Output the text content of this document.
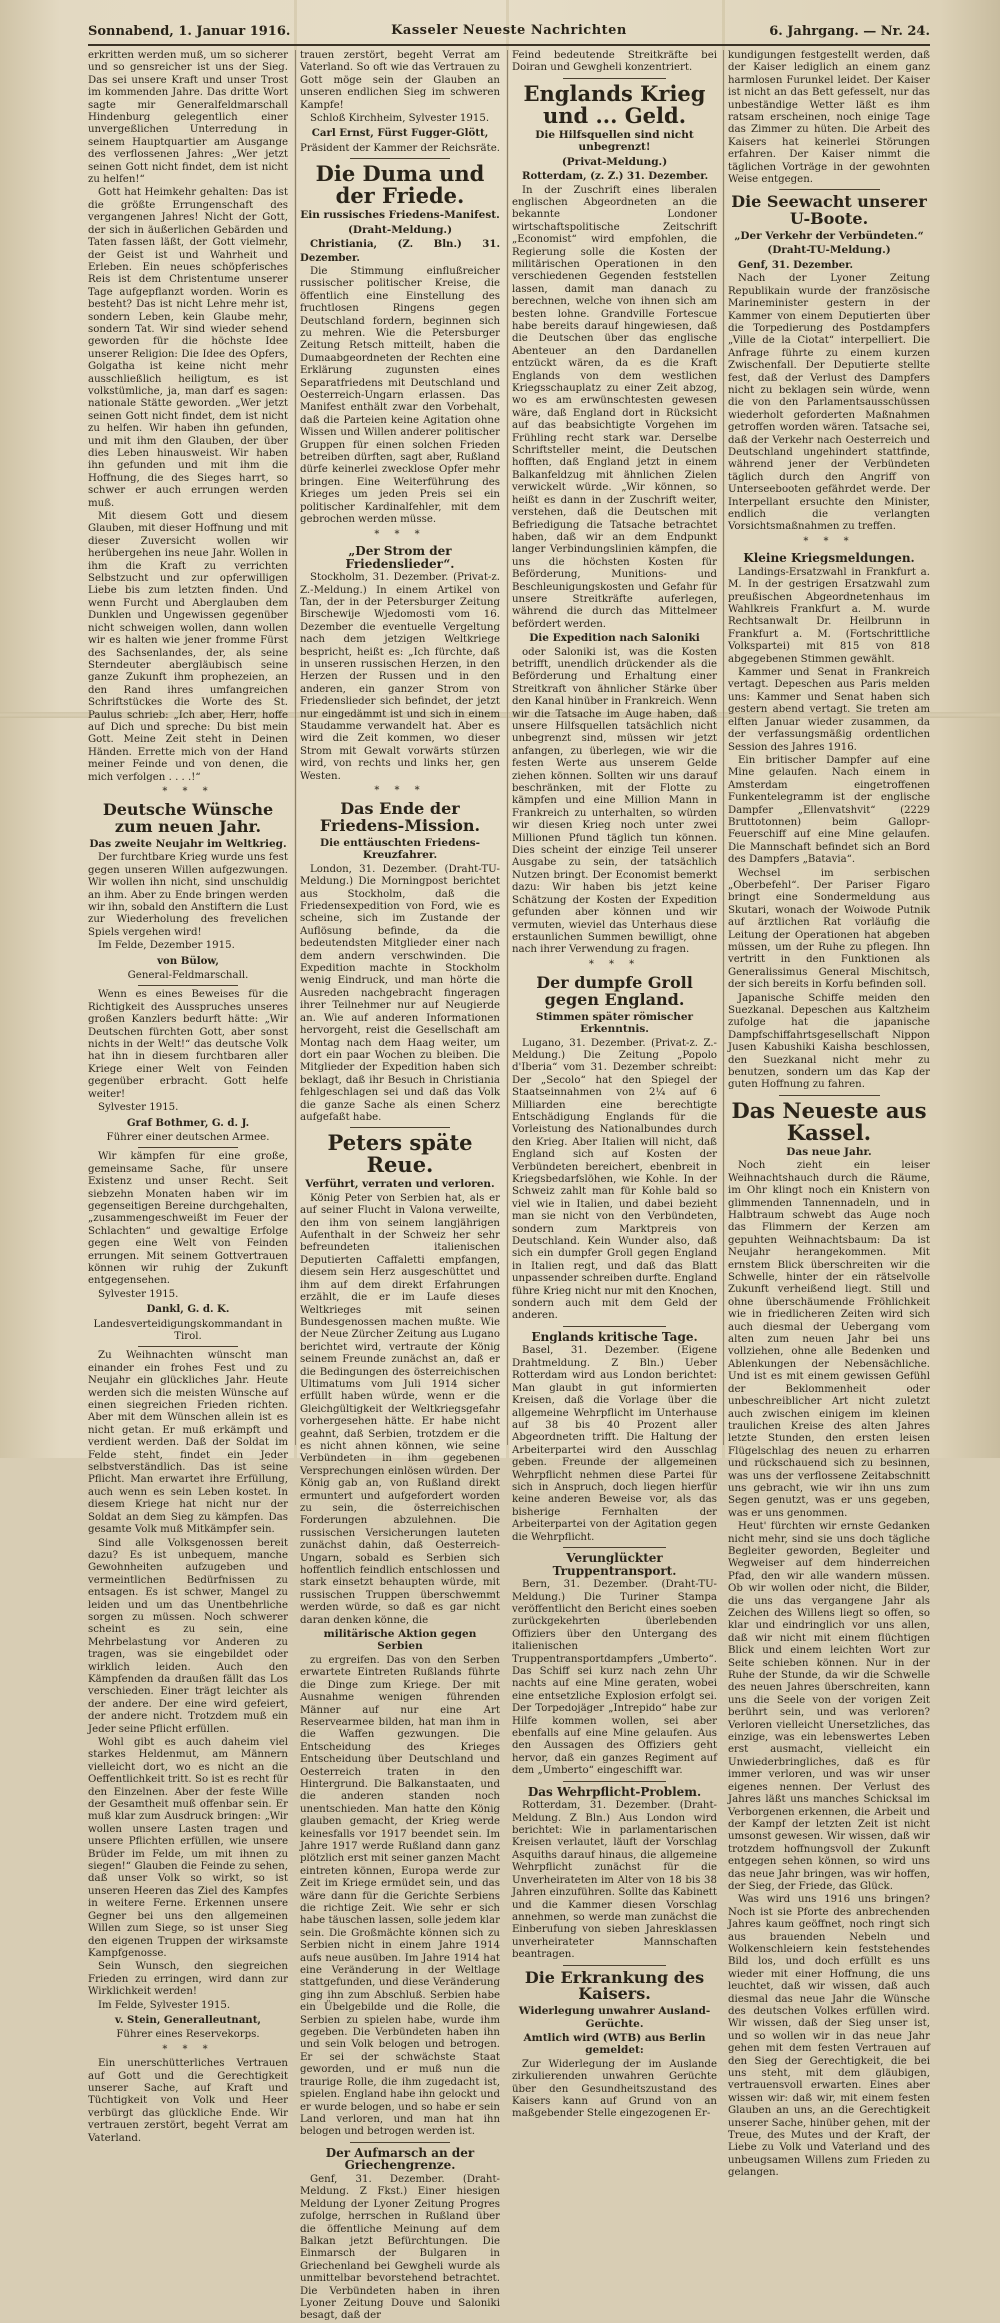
Sonnabend, 1. Januar 1916.	Kasseler Neueste Nachrichten	6. Jahrgang. — Nr. 24.

erkritten werden muß, um so sicherer und so gensreicher ist uns der Sieg. Das sei unsere Kraft und unser Trost im kommenden Jahre. Das dritte Wort sagte mir Generalfeldmarschall Hindenburg gelegentlich einer unvergeßlichen Unterredung in seinem Hauptquartier am Ausgange des verflossenen Jahres: „Wer jetzt seinen Gott nicht findet, dem ist nicht zu helfen!“

Gott hat Heimkehr gehalten: Das ist die größte Errungenschaft des vergangenen Jahres! Nicht der Gott, der sich in äußerlichen Gebärden und Taten fassen läßt, der Gott vielmehr, der Geist ist und Wahrheit und Erleben. Ein neues schöpferisches Reis ist dem Christentume unserer Tage aufgepflanzt worden. Worin es besteht? Das ist nicht Lehre mehr ist, sondern Leben, kein Glaube mehr, sondern Tat. Wir sind wieder sehend geworden für die höchste Idee unserer Religion: Die Idee des Opfers, Golgatha ist keine nicht mehr ausschließlich heiligtum, es ist volkstümliche, ja, man darf es sagen: nationale Stätte geworden. „Wer jetzt seinen Gott nicht findet, dem ist nicht zu helfen. Wir haben ihn gefunden, und mit ihm den Glauben, der über dies Leben hinausweist. Wir haben ihn gefunden und mit ihm die Hoffnung, die des Sieges harrt, so schwer er auch errungen werden muß.

Mit diesem Gott und diesem Glauben, mit dieser Hoffnung und mit dieser Zuversicht wollen wir herübergehen ins neue Jahr. Wollen in ihm die Kraft zu verrichten Selbstzucht und zur opferwilligen Liebe bis zum letzten finden. Und wenn Furcht und Aberglauben dem Dunklen und Ungewissen gegenüber nicht schweigen wollen, dann wollen wir es halten wie jener fromme Fürst des Sachsenlandes, der, als seine Sterndeuter abergläubisch seine ganze Zukunft ihm prophezeien, an den Rand ihres umfangreichen Schriftstückes die Worte des St. Paulus schrieb: „Ich aber, Herr, hoffe auf Dich und spreche: Du bist mein Gott. Meine Zeit steht in Deinen Händen. Errette mich von der Hand meiner Feinde und von denen, die mich verfolgen . . . .!“

* * *
Deutsche Wünsche zum neuen Jahr.
Das zweite Neujahr im Weltkrieg.

Der furchtbare Krieg wurde uns fest gegen unseren Willen aufgezwungen. Wir wollen ihn nicht, sind unschuldig an ihm. Aber zu Ende bringen werden wir ihn, sobald den Anstiftern die Lust zur Wiederholung des frevelichen Spiels vergehen wird!

Im Felde, Dezember 1915.

von Bülow,
General-Feldmarschall.

Wenn es eines Beweises für die Richtigkeit des Ausspruches unseres großen Kanzlers bedurft hätte: „Wir Deutschen fürchten Gott, aber sonst nichts in der Welt!“ das deutsche Volk hat ihn in diesem furchtbaren aller Kriege einer Welt von Feinden gegenüber erbracht. Gott helfe weiter!

Sylvester 1915.

Graf Bothmer, G. d. J.
Führer einer deutschen Armee.

Wir kämpfen für eine große, gemeinsame Sache, für unsere Existenz und unser Recht. Seit siebzehn Monaten haben wir im gegenseitigen Bereine durchgehalten, „zusammengeschweißt im Feuer der Schlachten“ und gewaltige Erfolge gegen eine Welt von Feinden errungen. Mit seinem Gottvertrauen können wir ruhig der Zukunft entgegensehen.

Sylvester 1915.

Dankl, G. d. K.
Landesverteidigungskommandant in Tirol.

Zu Weihnachten wünscht man einander ein frohes Fest und zu Neujahr ein glückliches Jahr. Heute werden sich die meisten Wünsche auf einen siegreichen Frieden richten. Aber mit dem Wünschen allein ist es nicht getan. Er muß erkämpft und verdient werden. Daß der Soldat im Felde steht, findet ein Jeder selbstverständlich. Das ist seine Pflicht. Man erwartet ihre Erfüllung, auch wenn es sein Leben kostet. In diesem Kriege hat nicht nur der Soldat an dem Sieg zu kämpfen. Das gesamte Volk muß Mitkämpfer sein.

Sind alle Volksgenossen bereit dazu? Es ist unbequem, manche Gewohnheiten aufzugeben und vermeintlichen Bedürfnissen zu entsagen. Es ist schwer, Mangel zu leiden und um das Unentbehrliche sorgen zu müssen. Noch schwerer scheint es zu sein, eine Mehrbelastung vor Anderen zu tragen, was sie eingebildet oder wirklich leiden. Auch den Kämpfenden da draußen fällt das Los verschieden. Einer trägt leichter als der andere. Der eine wird gefeiert, der andere nicht. Trotzdem muß ein Jeder seine Pflicht erfüllen.

Wohl gibt es auch daheim viel starkes Heldenmut, am Männern vielleicht dort, wo es nicht an die Oeffentlichkeit tritt. So ist es recht für den Einzelnen. Aber der feste Wille der Gesamtheit muß offenbar sein. Er muß klar zum Ausdruck bringen: „Wir wollen unsere Lasten tragen und unsere Pflichten erfüllen, wie unsere Brüder im Felde, um mit ihnen zu siegen!“ Glauben die Feinde zu sehen, daß unser Volk so wirkt, so ist unseren Heeren das Ziel des Kampfes in weitere Ferne. Erkennen unsere Gegner bei uns den allgemeinen Willen zum Siege, so ist unser Sieg den eigenen Truppen der wirksamste Kampfgenosse.

Sein Wunsch, den siegreichen Frieden zu erringen, wird dann zur Wirklichkeit werden!

Im Felde, Sylvester 1915.

v. Stein, Generalleutnant,
Führer eines Reservekorps.
* * *

Ein unerschütterliches Vertrauen auf Gott und die Gerechtigkeit unserer Sache, auf Kraft und Tüchtigkeit von Volk und Heer verbürgt das glückliche Ende. Wir vertrauen zerstört, begeht Verrat am Vaterland.

trauen zerstört, begeht Verrat am Vaterland. So oft wie das Vertrauen zu Gott möge sein der Glauben an unseren endlichen Sieg im schweren Kampfe!

Schloß Kirchheim, Sylvester 1915.

Carl Ernst, Fürst Fugger-Glött,
Präsident der Kammer der Reichsräte.
Die Duma und der Friede.
Ein russisches Friedens-Manifest.
(Draht-Meldung.)

Christiania, (Z. Bln.) 31. Dezember.

Die Stimmung einflußreicher russischer politischer Kreise, die öffentlich eine Einstellung des fruchtlosen Ringens gegen Deutschland fordern, beginnen sich zu mehren. Wie die Petersburger Zeitung Retsch mitteilt, haben die Dumaabgeordneten der Rechten eine Erklärung zugunsten eines Separatfriedens mit Deutschland und Oesterreich-Ungarn erlassen. Das Manifest enthält zwar den Vorbehalt, daß die Parteien keine Agitation ohne Wissen und Willen anderer politischer Gruppen für einen solchen Frieden betreiben dürften, sagt aber, Rußland dürfe keinerlei zwecklose Opfer mehr bringen. Eine Weiterführung des Krieges um jeden Preis sei ein politischer Kardinalfehler, mit dem gebrochen werden müsse.

* * *
„Der Strom der Friedenslieder“.

Stockholm, 31. Dezember. (Privat-z. Z.-Meldung.) In einem Artikel von Tan, der in der Petersburger Zeitung Birschewije Wjedomosti vom 16. Dezember die eventuelle Vergeltung nach dem jetzigen Weltkriege bespricht, heißt es: „Ich fürchte, daß in unseren russischen Herzen, in den Herzen der Russen und in den anderen, ein ganzer Strom von Friedenslieder sich befindet, der jetzt nur eingedämmt ist und sich in einem Staudamme verwandelt hat. Aber es wird die Zeit kommen, wo dieser Strom mit Gewalt vorwärts stürzen wird, von rechts und links her, gen Westen.

* * *
Das Ende der Friedens-Mission.
Die enttäuschten Friedens-Kreuzfahrer.

London, 31. Dezember. (Draht-TU-Meldung.) Die Morningpost berichtet aus Stockholm, daß die Friedensexpedition von Ford, wie es scheine, sich im Zustande der Auflösung befinde, da die bedeutendsten Mitglieder einer nach dem andern verschwinden. Die Expedition machte in Stockholm wenig Eindruck, und man hörte die Ausreden nachgebracht fingeragen ihrer Teilnehmer nur auf Neugierde an. Wie auf anderen Informationen hervorgeht, reist die Gesellschaft am Montag nach dem Haag weiter, um dort ein paar Wochen zu bleiben. Die Mitglieder der Expedition haben sich beklagt, daß ihr Besuch in Christiania fehlgeschlagen sei und daß das Volk die ganze Sache als einen Scherz aufgefaßt habe.

Peters späte Reue.
Verführt, verraten und verloren.

König Peter von Serbien hat, als er auf seiner Flucht in Valona verweilte, den ihm von seinem langjährigen Aufenthalt in der Schweiz her sehr befreundeten italienischen Deputierten Caffaletti empfangen, diesem sein Herz ausgeschüttet und ihm auf dem direkt Erfahrungen erzählt, die er im Laufe dieses Weltkrieges mit seinen Bundesgenossen machen mußte. Wie der Neue Zürcher Zeitung aus Lugano berichtet wird, vertraute der König seinem Freunde zunächst an, daß er die Bedingungen des österreichischen Ultimatums vom Juli 1914 sicher erfüllt haben würde, wenn er die Gleichgültigkeit der Weltkriegsgefahr vorhergesehen hätte. Er habe nicht geahnt, daß Serbien, trotzdem er die es nicht ahnen können, wie seine Verbündeten in ihm gegebenen Versprechungen einlösen würden. Der König gab an, von Rußland direkt ermuntert und aufgefordert worden zu sein, die österreichischen Forderungen abzulehnen. Die russischen Versicherungen lauteten zunächst dahin, daß Oesterreich-Ungarn, sobald es Serbien sich hoffentlich feindlich entschlossen und stark einsetzt behaupten würde, mit russischen Truppen überschwemmt werden würde, so daß es gar nicht daran denken könne, die

militärische Aktion gegen Serbien

zu ergreifen. Das von den Serben erwartete Eintreten Rußlands führte die Dinge zum Kriege. Der mit Ausnahme wenigen führenden Männer auf nur eine Art Reservearmee bilden, hat man ihm in die Waffen gezwungen. Die Entscheidung des Krieges Entscheidung über Deutschland und Oesterreich traten in den Hintergrund. Die Balkanstaaten, und die anderen standen noch unentschieden. Man hatte den König glauben gemacht, der Krieg werde keinesfalls vor 1917 beendet sein. Im Jahre 1917 werde Rußland dann ganz plötzlich erst mit seiner ganzen Macht eintreten können, Europa werde zur Zeit im Kriege ermüdet sein, und das wäre dann für die Gerichte Serbiens die richtige Zeit. Wie sehr er sich habe täuschen lassen, solle jedem klar sein. Die Großmächte können sich zu Serbien nicht in einem Jahre 1914 aufs neue ausüben. Im Jahre 1914 hat eine Veränderung in der Weltlage stattgefunden, und diese Veränderung ging ihn zum Abschluß. Serbien habe ein Übelgebilde und die Rolle, die Serbien zu spielen habe, wurde ihm gegeben. Die Verbündeten haben ihn und sein Volk belogen und betrogen. Er sei der schwächste Staat geworden, und er muß nun die traurige Rolle, die ihm zugedacht ist, spielen. England habe ihn gelockt und er wurde belogen, und so habe er sein Land verloren, und man hat ihn belogen und betrogen werden ist.

Der Aufmarsch an der Griechengrenze.

Genf, 31. Dezember. (Draht-Meldung. Z Fkst.) Einer hiesigen Meldung der Lyoner Zeitung Progres zufolge, herrschen in Rußland über die öffentliche Meinung auf dem Balkan jetzt Befürchtungen. Die Einmarsch der Bulgaren in Griechenland bei Gewgheli wurde als unmittelbar bevorstehend betrachtet. Die Verbündeten haben in ihren Lyoner Zeitung Douve und Saloniki besagt, daß der

Feind bedeutende Streitkräfte bei Doiran und Gewgheli konzentriert.

Englands Krieg und ... Geld.
Die Hilfsquellen sind nicht unbegrenzt!
(Privat-Meldung.)

Rotterdam, (z. Z.) 31. Dezember.

In der Zuschrift eines liberalen englischen Abgeordneten an die bekannte Londoner wirtschaftspolitische Zeitschrift „Economist“ wird empfohlen, die Regierung solle die Kosten der militärischen Operationen in den verschiedenen Gegenden feststellen lassen, damit man danach zu berechnen, welche von ihnen sich am besten lohne. Grandville Fortescue habe bereits darauf hingewiesen, daß die Deutschen über das englische Abenteuer an den Dardanellen entzückt wären, da es die Kraft Englands von dem westlichen Kriegsschauplatz zu einer Zeit abzog, wo es am erwünschtesten gewesen wäre, daß England dort in Rücksicht auf das beabsichtigte Vorgehen im Frühling recht stark war. Derselbe Schriftsteller meint, die Deutschen hofften, daß England jetzt in einem Balkanfeldzug mit ähnlichen Zielen verwickelt würde. „Wir können, so heißt es dann in der Zuschrift weiter, verstehen, daß die Deutschen mit Befriedigung die Tatsache betrachtet haben, daß wir an dem Endpunkt langer Verbindungslinien kämpfen, die uns die höchsten Kosten für Beförderung, Munitions- und Beschleunigungskosten und Gefahr für unsere Streitkräfte auferlegen, während die durch das Mittelmeer befördert werden.

Die Expedition nach Saloniki

oder Saloniki ist, was die Kosten betrifft, unendlich drückender als die Beförderung und Erhaltung einer Streitkraft von ähnlicher Stärke über den Kanal hinüber in Frankreich. Wenn wir die Tatsache im Auge haben, daß unsere Hilfsquellen tatsächlich nicht unbegrenzt sind, müssen wir jetzt anfangen, zu überlegen, wie wir die festen Werte aus unserem Gelde ziehen können. Sollten wir uns darauf beschränken, mit der Flotte zu kämpfen und eine Million Mann in Frankreich zu unterhalten, so würden wir diesen Krieg noch unter zwei Millionen Pfund täglich tun können. Dies scheint der einzige Teil unserer Ausgabe zu sein, der tatsächlich Nutzen bringt. Der Economist bemerkt dazu: Wir haben bis jetzt keine Schätzung der Kosten der Expedition gefunden aber können und wir vermuten, wieviel das Unterhaus diese erstaunlichen Summen bewilligt, ohne nach ihrer Verwendung zu fragen.

* * *
Der dumpfe Groll gegen England.
Stimmen später römischer Erkenntnis.

Lugano, 31. Dezember. (Privat-z. Z.-Meldung.) Die Zeitung „Popolo d'Iberia“ vom 31. Dezember schreibt: Der „Secolo“ hat den Spiegel der Staatseinnahmen von 2¼ auf 6 Milliarden eine berechtigte Entschädigung Englands für die Vorleistung des Nationalbundes durch den Krieg. Aber Italien will nicht, daß England sich auf Kosten der Verbündeten bereichert, ebenbreit in Kriegsbedarfslöhen, wie Kohle. In der Schweiz zahlt man für Kohle bald so viel wie in Italien, und dabei bezieht man sie nicht von den Verbündeten, sondern zum Marktpreis von Deutschland. Kein Wunder also, daß sich ein dumpfer Groll gegen England in Italien regt, und daß das Blatt unpassender schreiben durfte. England führe Krieg nicht nur mit den Knochen, sondern auch mit dem Geld der anderen.

Englands kritische Tage.

Basel, 31. Dezember. (Eigene Drahtmeldung. Z Bln.) Ueber Rotterdam wird aus London berichtet: Man glaubt in gut informierten Kreisen, daß die Vorlage über die allgemeine Wehrpflicht im Unterhause auf 38 bis 40 Prozent aller Abgeordneten trifft. Die Haltung der Arbeiterpartei wird den Ausschlag geben. Freunde der allgemeinen Wehrpflicht nehmen diese Partei für sich in Anspruch, doch liegen hierfür keine anderen Beweise vor, als das bisherige Fernhalten der Arbeiterpartei von der Agitation gegen die Wehrpflicht.

Verunglückter Truppentransport.

Bern, 31. Dezember. (Draht-TU-Meldung.) Die Turiner Stampa veröffentlicht den Bericht eines soeben zurückgekehrten überlebenden Offiziers über den Untergang des italienischen Truppentransportdampfers „Umberto“. Das Schiff sei kurz nach zehn Uhr nachts auf eine Mine geraten, wobei eine entsetzliche Explosion erfolgt sei. Der Torpedojäger „Intrepido“ habe zur Hilfe kommen wollen, sei aber ebenfalls auf eine Mine gelaufen. Aus den Aussagen des Offiziers geht hervor, daß ein ganzes Regiment auf dem „Umberto“ eingeschifft war.

Das Wehrpflicht-Problem.

Rotterdam, 31. Dezember. (Draht-Meldung. Z Bln.) Aus London wird berichtet: Wie in parlamentarischen Kreisen verlautet, läuft der Vorschlag Asquiths darauf hinaus, die allgemeine Wehrpflicht zunächst für die Unverheirateten im Alter von 18 bis 38 Jahren einzuführen. Sollte das Kabinett und die Kammer diesen Vorschlag annehmen, so werde man zunächst die Einberufung von sieben Jahresklassen unverheirateter Mannschaften beantragen.

Die Erkrankung des Kaisers.
Widerlegung unwahrer Ausland-Gerüchte.
Amtlich wird (WTB) aus Berlin gemeldet:

Zur Widerlegung der im Auslande zirkulierenden unwahren Gerüchte über den Gesundheitszustand des Kaisers kann auf Grund von an maßgebender Stelle eingezogenen Er-

kundigungen festgestellt werden, daß der Kaiser lediglich an einem ganz harmlosen Furunkel leidet. Der Kaiser ist nicht an das Bett gefesselt, nur das unbeständige Wetter läßt es ihm ratsam erscheinen, noch einige Tage das Zimmer zu hüten. Die Arbeit des Kaisers hat keinerlei Störungen erfahren. Der Kaiser nimmt die täglichen Vorträge in der gewohnten Weise entgegen.

Die Seewacht unserer U-Boote.
„Der Verkehr der Verbündeten.“
(Draht-TU-Meldung.)

Genf, 31. Dezember.

Nach der Lyoner Zeitung Republikain wurde der französische Marineminister gestern in der Kammer von einem Deputierten über die Torpedierung des Postdampfers „Ville de la Ciotat“ interpelliert. Die Anfrage führte zu einem kurzen Zwischenfall. Der Deputierte stellte fest, daß der Verlust des Dampfers nicht zu beklagen sein würde, wenn die von den Parlamentsausschüssen wiederholt geforderten Maßnahmen getroffen worden wären. Tatsache sei, daß der Verkehr nach Oesterreich und Deutschland ungehindert stattfinde, während jener der Verbündeten täglich durch den Angriff von Unterseebooten gefährdet werde. Der Interpellant ersuchte den Minister, endlich die verlangten Vorsichtsmaßnahmen zu treffen.

* * *
Kleine Kriegsmeldungen.

Landings-Ersatzwahl in Frankfurt a. M. In der gestrigen Ersatzwahl zum preußischen Abgeordnetenhaus im Wahlkreis Frankfurt a. M. wurde Rechtsanwalt Dr. Heilbrunn in Frankfurt a. M. (Fortschrittliche Volkspartei) mit 815 von 818 abgegebenen Stimmen gewählt.

Kammer und Senat in Frankreich vertagt. Depeschen aus Paris melden uns: Kammer und Senat haben sich gestern abend vertagt. Sie treten am elften Januar wieder zusammen, da der verfassungsmäßig ordentlichen Session des Jahres 1916.

Ein britischer Dampfer auf eine Mine gelaufen. Nach einem in Amsterdam eingetroffenen Funkentelegramm ist der englische Dampfer „Ellenvatshvit“ (2229 Bruttotonnen) beim Gallopr-Feuerschiff auf eine Mine gelaufen. Die Mannschaft befindet sich an Bord des Dampfers „Batavia“.

Wechsel im serbischen „Oberbefehl“. Der Pariser Figaro bringt eine Sondermeldung aus Skutari, wonach der Woiwode Putnik auf ärztlichen Rat vorläufig die Leitung der Operationen hat abgeben müssen, um der Ruhe zu pflegen. Ihn vertritt in den Funktionen als Generalissimus General Mischitsch, der sich bereits in Korfu befinden soll.

Japanische Schiffe meiden den Suezkanal. Depeschen aus Kaltzheim zufolge hat die japanische Dampfschiffahrtsgesellschaft Nippon Jusen Kabushiki Kaisha beschlossen, den Suezkanal nicht mehr zu benutzen, sondern um das Kap der guten Hoffnung zu fahren.

Das Neueste aus Kassel.
Das neue Jahr.

Noch zieht ein leiser Weihnachtshauch durch die Räume, im Ohr klingt noch ein Knistern von glimmenden Tannennadeln, und in Halbtraum schwebt das Auge noch das Flimmern der Kerzen am gepuhten Weihnachtsbaum: Da ist Neujahr herangekommen. Mit ernstem Blick überschreiten wir die Schwelle, hinter der ein rätselvolle Zukunft verheißend liegt. Still und ohne überschäumende Fröhlichkeit wie in friedlicheren Zeiten wird sich auch diesmal der Uebergang vom alten zum neuen Jahr bei uns vollziehen, ohne alle Bedenken und Ablenkungen der Nebensächliche. Und ist es mit einem gewissen Gefühl der Beklommenheit oder unbeschreiblicher Art nicht zuletzt auch zwischen einigem im kleinen traulichen Kreise des alten Jahres letzte Stunden, den ersten leisen Flügelschlag des neuen zu erharren und rückschauend sich zu besinnen, was uns der verflossene Zeitabschnitt uns gebracht, wie wir ihn uns zum Segen genutzt, was er uns gegeben, was er uns genommen.

Heut' fürchten wir ernste Gedanken nicht mehr, sind sie uns doch tägliche Begleiter geworden, Begleiter und Wegweiser auf dem hinderreichen Pfad, den wir alle wandern müssen. Ob wir wollen oder nicht, die Bilder, die uns das vergangene Jahr als Zeichen des Willens liegt so offen, so klar und eindringlich vor uns allen, daß wir nicht mit einem flüchtigen Blick und einem leichten Wort zur Seite schieben können. Nur in der Ruhe der Stunde, da wir die Schwelle des neuen Jahres überschreiten, kann uns die Seele von der vorigen Zeit berührt sein, und was verloren? Verloren vielleicht Unersetzliches, das einzige, was ein lebenswertes Leben erst ausmacht, vielleicht ein Unwiederbringliches, daß es für immer verloren, und was wir unser eigenes nennen. Der Verlust des Jahres läßt uns manches Schicksal im Verborgenen erkennen, die Arbeit und der Kampf der letzten Zeit ist nicht umsonst gewesen. Wir wissen, daß wir trotzdem hoffnungsvoll der Zukunft entgegen sehen können, so wird uns das neue Jahr bringen, was wir hoffen, der Sieg, der Friede, das Glück.

Was wird uns 1916 uns bringen? Noch ist sie Pforte des anbrechenden Jahres kaum geöffnet, noch ringt sich aus brauenden Nebeln und Wolkenschleiern kein feststehendes Bild los, und doch erfüllt es uns wieder mit einer Hoffnung, die uns leuchtet, daß wir wissen, daß auch diesmal das neue Jahr die Wünsche des deutschen Volkes erfüllen wird. Wir wissen, daß der Sieg unser ist, und so wollen wir in das neue Jahr gehen mit dem festen Vertrauen auf den Sieg der Gerechtigkeit, die bei uns steht, mit dem gläubigen, vertrauensvoll erwarten. Eines aber wissen wir: daß wir, mit einem festen Glauben an uns, an die Gerechtigkeit unserer Sache, hinüber gehen, mit der Treue, des Mutes und der Kraft, der Liebe zu Volk und Vaterland und des unbeugsamen Willens zum Frieden zu gelangen.
